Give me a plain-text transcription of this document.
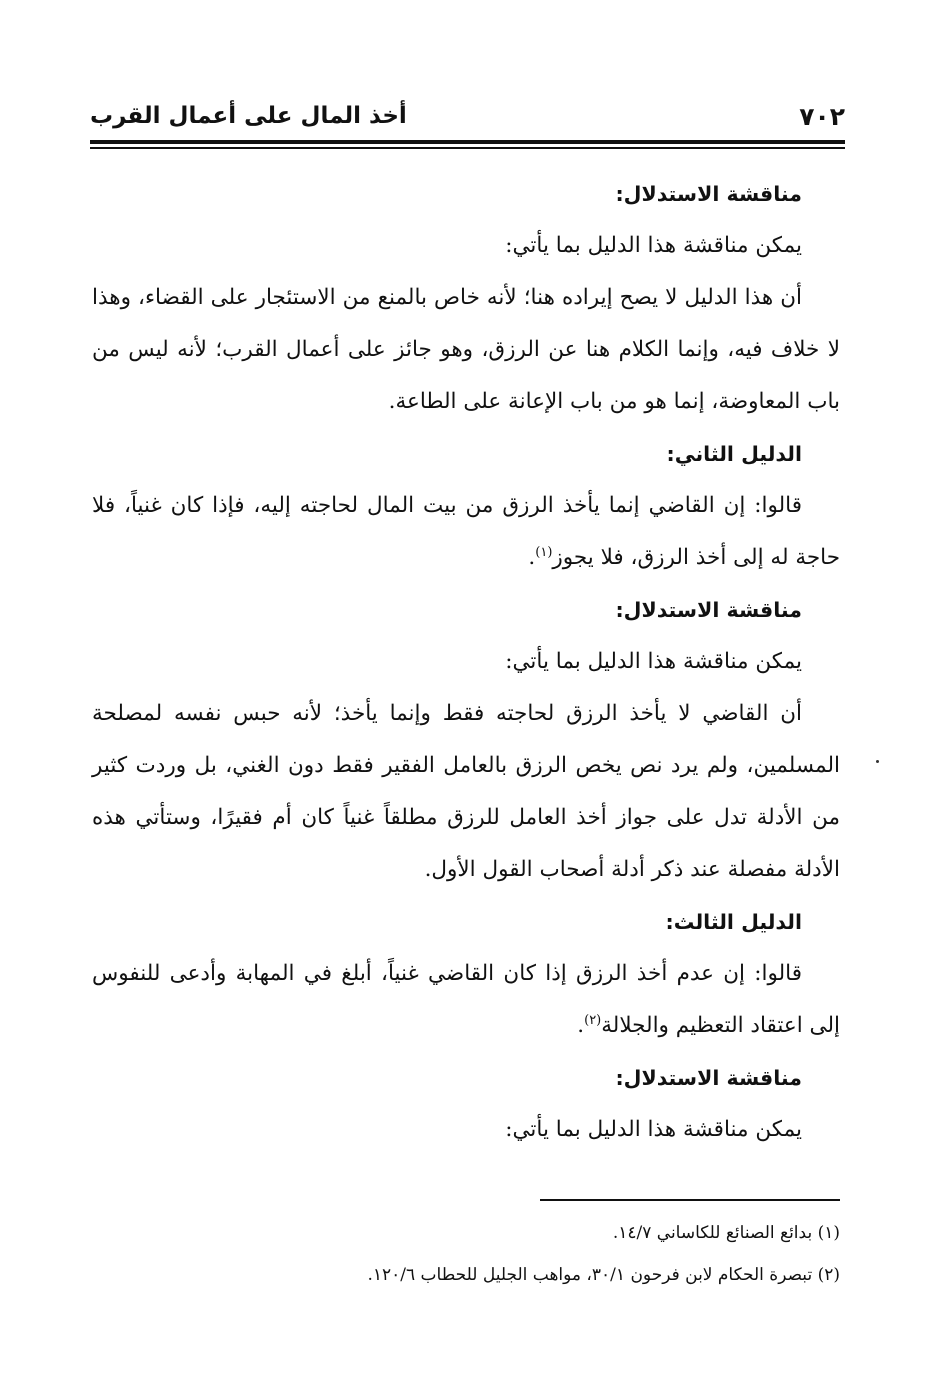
٧٠٢
أخذ المال على أعمال القرب

مناقشة الاستدلال:

يمكن مناقشة هذا الدليل بما يأتي:

أن هذا الدليل لا يصح إيراده هنا؛ لأنه خاص بالمنع من الاستئجار على القضاء، وهذا لا خلاف فيه، وإنما الكلام هنا عن الرزق، وهو جائز على أعمال القرب؛ لأنه ليس من باب المعاوضة، إنما هو من باب الإعانة على الطاعة.

الدليل الثاني:

قالوا: إن القاضي إنما يأخذ الرزق من بيت المال لحاجته إليه، فإذا كان غنياً، فلا حاجة له إلى أخذ الرزق، فلا يجوز$^{(١)}$.

مناقشة الاستدلال:

يمكن مناقشة هذا الدليل بما يأتي:

أن القاضي لا يأخذ الرزق لحاجته فقط وإنما يأخذ؛ لأنه حبس نفسه لمصلحة المسلمين، ولم يرد نص يخص الرزق بالعامل الفقير فقط دون الغني، بل وردت كثير من الأدلة تدل على جواز أخذ العامل للرزق مطلقاً غنياً كان أم فقيرًا، وستأتي هذه الأدلة مفصلة عند ذكر أدلة أصحاب القول الأول.

الدليل الثالث:

قالوا: إن عدم أخذ الرزق إذا كان القاضي غنياً، أبلغ في المهابة وأدعى للنفوس إلى اعتقاد التعظيم والجلالة$^{(٢)}$.

مناقشة الاستدلال:

يمكن مناقشة هذا الدليل بما يأتي:

(١) بدائع الصنائع للكاساني ١٤/٧.

(٢) تبصرة الحكام لابن فرحون ٣٠/١، مواهب الجليل للحطاب ١٢٠/٦.
